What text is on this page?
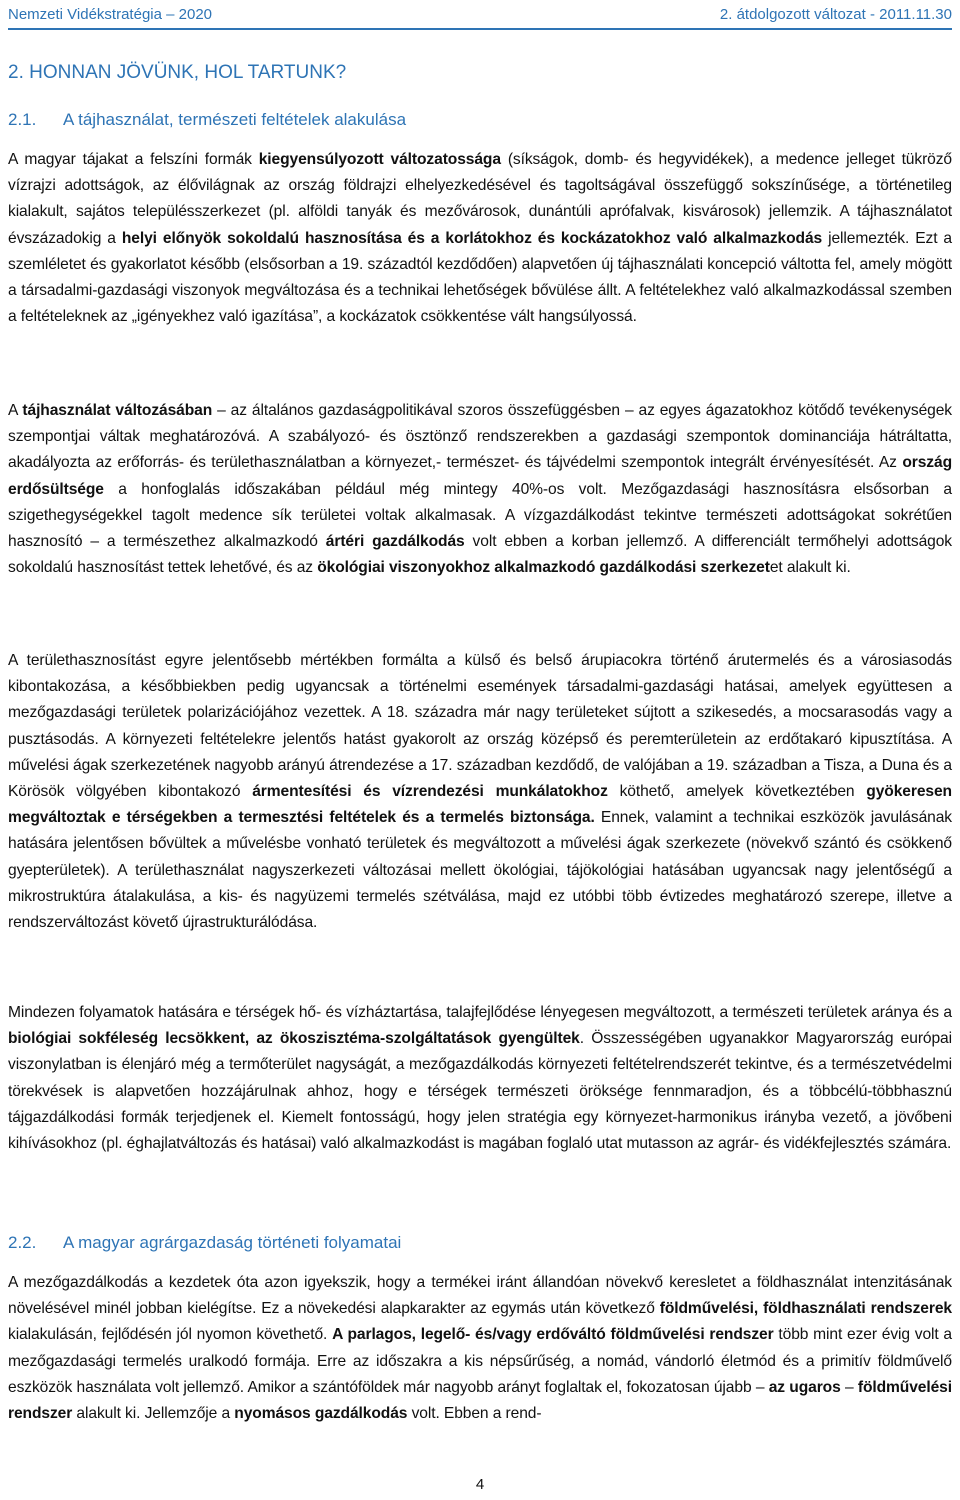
Nemzeti Vidékstratégia – 2020	2. átdolgozott változat - 2011.11.30
2. HONNAN JÖVÜNK, HOL TARTUNK?
2.1.	A tájhasználat, természeti feltételek alakulása

A magyar tájakat a felszíni formák kiegyensúlyozott változatossága (síkságok, domb- és hegyvidékek), a medence jelleget tükröző vízrajzi adottságok, az élővilágnak az ország földrajzi elhelyezkedésével és tagoltságával összefüggő sokszínűsége, a történetileg kialakult, sajátos településszerkezet (pl. alföldi tanyák és mezővárosok, dunántúli aprófalvak, kisvárosok) jellemzik. A tájhasználatot évszázadokig a helyi előnyök sokoldalú hasznosítása és a korlátokhoz és kockázatokhoz való alkalmazkodás jellemezték. Ezt a szemléletet és gyakorlatot később (elsősorban a 19. századtól kezdődően) alapvetően új tájhasználati koncepció váltotta fel, amely mögött a társadalmi-gazdasági viszonyok megváltozása és a technikai lehetőségek bővülése állt. A feltételekhez való alkalmazkodással szemben a feltételeknek az „igényekhez való igazítása”, a kockázatok csökkentése vált hangsúlyossá.

A tájhasználat változásában – az általános gazdaságpolitikával szoros összefüggésben – az egyes ágazatokhoz kötődő tevékenységek szempontjai váltak meghatározóvá. A szabályozó- és ösztönző rendszerekben a gazdasági szempontok dominanciája hátráltatta, akadályozta az erőforrás- és területhasználatban a környezet,- természet- és tájvédelmi szempontok integrált érvényesítését. Az ország erdősültsége a honfoglalás időszakában például még mintegy 40%-os volt. Mezőgazdasági hasznosításra elsősorban a szigethegységekkel tagolt medence sík területei voltak alkalmasak. A vízgazdálkodást tekintve természeti adottságokat sokrétűen hasznosító – a természethez alkalmazkodó ártéri gazdálkodás volt ebben a korban jellemző. A differenciált termőhelyi adottságok sokoldalú hasznosítást tettek lehetővé, és az ökológiai viszonyokhoz alkalmazkodó gazdálkodási szerkezetet alakult ki.

A területhasznosítást egyre jelentősebb mértékben formálta a külső és belső árupiacokra történő árutermelés és a városiasodás kibontakozása, a későbbiekben pedig ugyancsak a történelmi események társadalmi-gazdasági hatásai, amelyek együttesen a mezőgazdasági területek polarizációjához vezettek. A 18. századra már nagy területeket sújtott a szikesedés, a mocsarasodás vagy a pusztásodás. A környezeti feltételekre jelentős hatást gyakorolt az ország középső és peremterületein az erdőtakaró kipusztítása. A művelési ágak szerkezetének nagyobb arányú átrendezése a 17. században kezdődő, de valójában a 19. században a Tisza, a Duna és a Körösök völgyében kibontakozó ármentesítési és vízrendezési munkálatokhoz köthető, amelyek következtében gyökeresen megváltoztak e térségekben a termesztési feltételek és a termelés biztonsága. Ennek, valamint a technikai eszközök javulásának hatására jelentősen bővültek a művelésbe vonható területek és megváltozott a művelési ágak szerkezete (növekvő szántó és csökkenő gyepterületek). A területhasználat nagyszerkezeti változásai mellett ökológiai, tájökológiai hatásában ugyancsak nagy jelentőségű a mikrostruktúra átalakulása, a kis- és nagyüzemi termelés szétválása, majd ez utóbbi több évtizedes meghatározó szerepe, illetve a rendszerváltozást követő újrastrukturálódása.

Mindezen folyamatok hatására e térségek hő- és vízháztartása, talajfejlődése lényegesen megváltozott, a természeti területek aránya és a biológiai sokféleség lecsökkent, az ökoszisztéma-szolgáltatások gyengültek. Összességében ugyanakkor Magyarország európai viszonylatban is élenjáró még a termőterület nagyságát, a mezőgazdálkodás környezeti feltételrendszerét tekintve, és a természetvédelmi törekvések is alapvetően hozzájárulnak ahhoz, hogy e térségek természeti öröksége fennmaradjon, és a többcélú-többhasznú tájgazdálkodási formák terjedjenek el. Kiemelt fontosságú, hogy jelen stratégia egy környezet-harmonikus irányba vezető, a jövőbeni kihívásokhoz (pl. éghajlatváltozás és hatásai) való alkalmazkodást is magában foglaló utat mutasson az agrár- és vidékfejlesztés számára.

2.2.	A magyar agrárgazdaság történeti folyamatai

A mezőgazdálkodás a kezdetek óta azon igyekszik, hogy a termékei iránt állandóan növekvő keresletet a földhasználat intenzitásának növelésével minél jobban kielégítse. Ez a növekedési alapkarakter az egymás után következő földművelési, földhasználati rendszerek kialakulásán, fejlődésén jól nyomon követhető. A parlagos, legelő- és/vagy erdőváltó földművelési rendszer több mint ezer évig volt a mezőgazdasági termelés uralkodó formája. Erre az időszakra a kis népsűrűség, a nomád, vándorló életmód és a primitív földművelő eszközök használata volt jellemző. Amikor a szántóföldek már nagyobb arányt foglaltak el, fokozatosan újabb – az ugaros – földművelési rendszer alakult ki. Jellemzője a nyomásos gazdálkodás volt. Ebben a rend-

4
